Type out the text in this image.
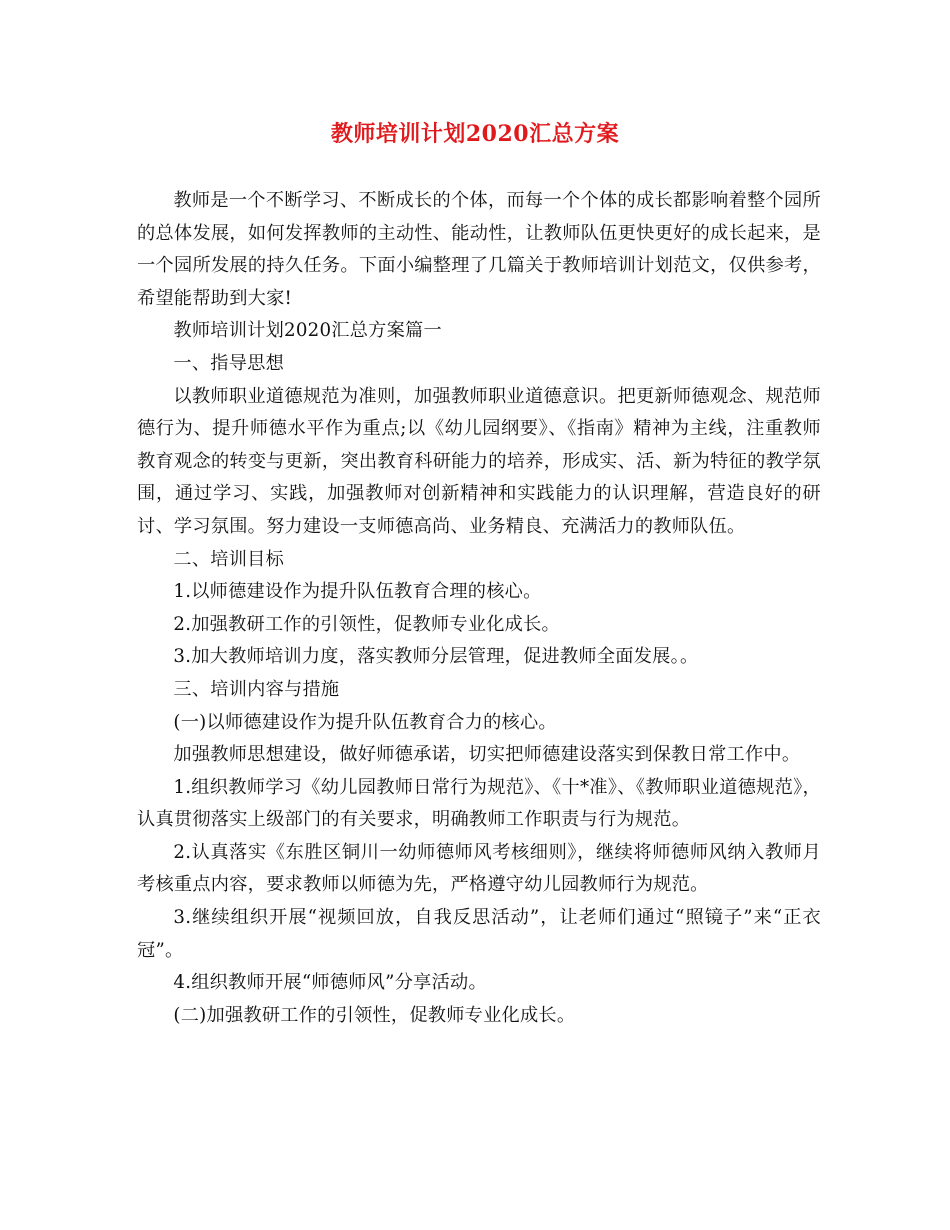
教师培训计划2020汇总方案

教师是一个不断学习、不断成长的个体，而每一个个体的成长都影响着整个园所的总体发展，如何发挥教师的主动性、能动性，让教师队伍更快更好的成长起来，是一个园所发展的持久任务。下面小编整理了几篇关于教师培训计划范文，仅供参考，希望能帮助到大家!

教师培训计划2020汇总方案篇一

一、指导思想

以教师职业道德规范为准则，加强教师职业道德意识。把更新师德观念、规范师德行为、提升师德水平作为重点;以《幼儿园纲要》、《指南》精神为主线，注重教师教育观念的转变与更新，突出教育科研能力的培养，形成实、活、新为特征的教学氛围，通过学习、实践，加强教师对创新精神和实践能力的认识理解，营造良好的研讨、学习氛围。努力建设一支师德高尚、业务精良、充满活力的教师队伍。

二、培训目标

1.以师德建设作为提升队伍教育合理的核心。

2.加强教研工作的引领性，促教师专业化成长。

3.加大教师培训力度，落实教师分层管理，促进教师全面发展。。

三、培训内容与措施

(一)以师德建设作为提升队伍教育合力的核心。

加强教师思想建设，做好师德承诺，切实把师德建设落实到保教日常工作中。

1.组织教师学习《幼儿园教师日常行为规范》、《十*准》、《教师职业道德规范》，认真贯彻落实上级部门的有关要求，明确教师工作职责与行为规范。

2.认真落实《东胜区铜川一幼师德师风考核细则》，继续将师德师风纳入教师月考核重点内容，要求教师以师德为先，严格遵守幼儿园教师行为规范。

3.继续组织开展“视频回放，自我反思活动”，让老师们通过“照镜子”来“正衣冠”。

4.组织教师开展“师德师风”分享活动。

(二)加强教研工作的引领性，促教师专业化成长。
